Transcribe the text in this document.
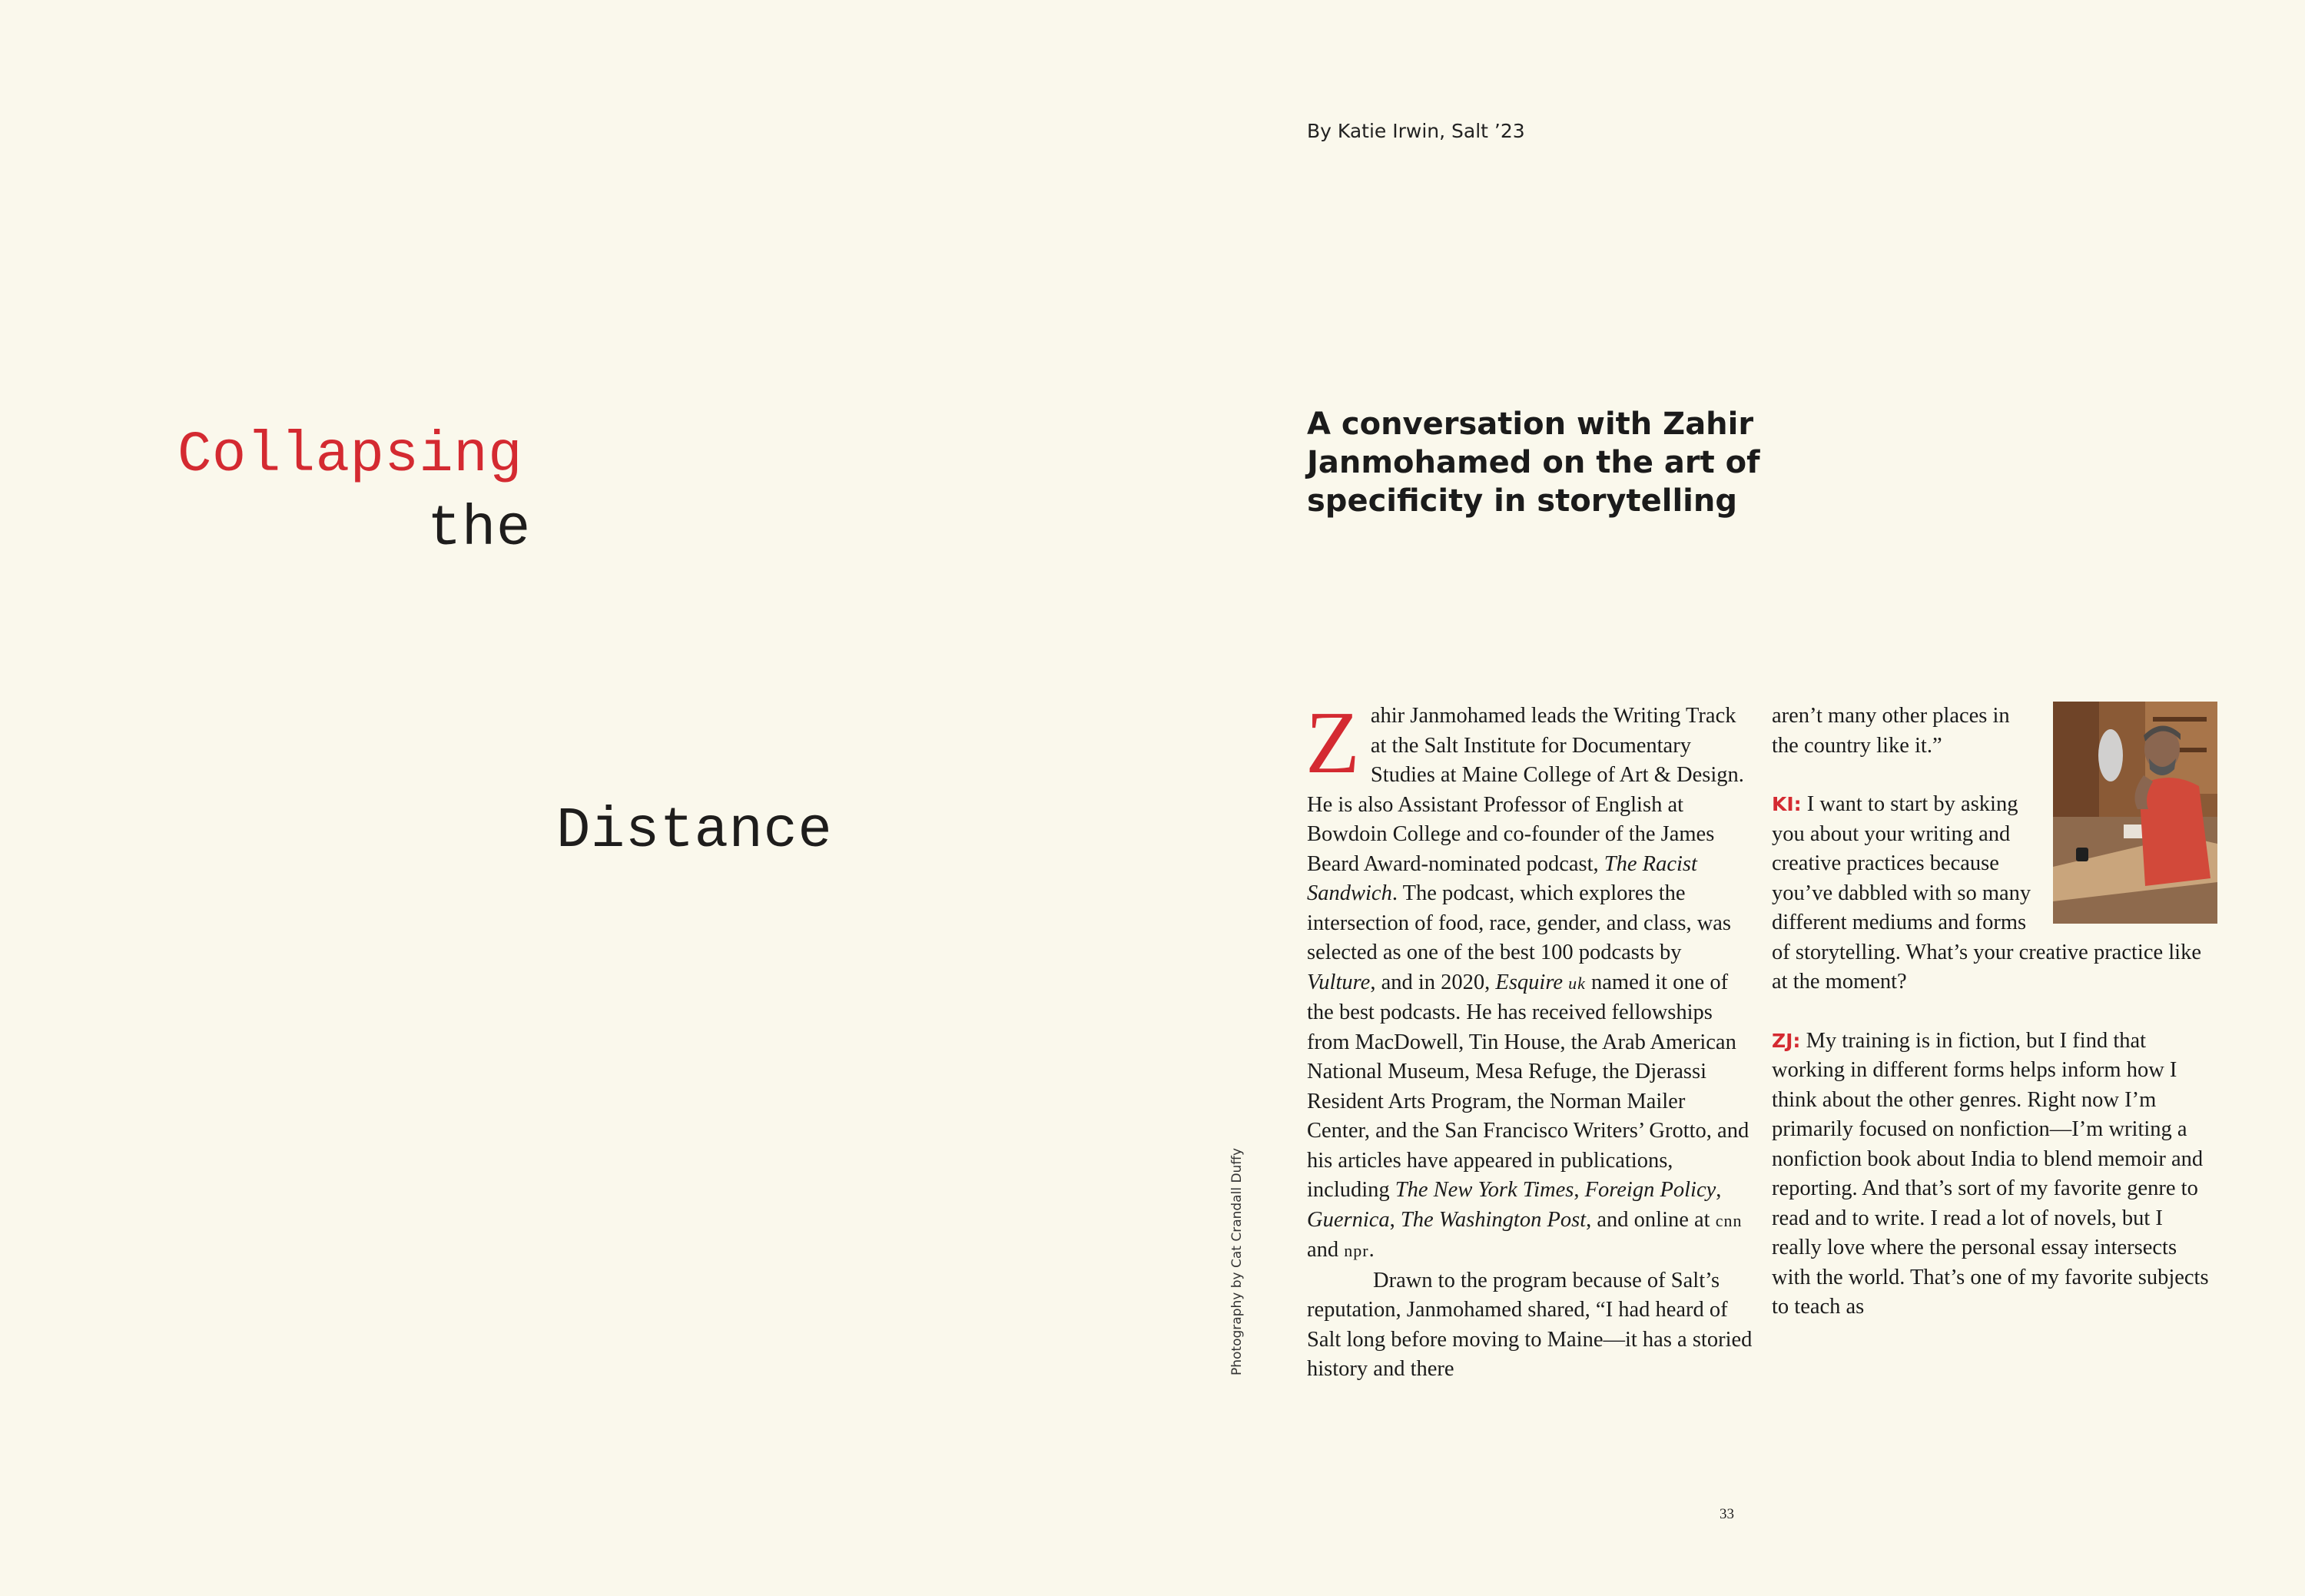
Collapsing
the
Distance
By Katie Irwin, Salt ’23
A conversation with Zahir Janmohamed on the art of specificity in storytelling
Photography by Cat Crandall Duffy

Zahir Janmohamed leads the Writing Track at the Salt Institute for Documentary Studies at Maine College of Art & Design. He is also Assistant Professor of English at Bowdoin College and co-founder of the James Beard Award-nominated podcast, The Racist Sandwich. The podcast, which explores the intersection of food, race, gender, and class, was selected as one of the best 100 podcasts by Vulture, and in 2020, Esquire uk named it one of the best podcasts. He has received fellowships from MacDowell, Tin House, the Arab American National Museum, Mesa Refuge, the Djerassi Resident Arts Program, the Norman Mailer Center, and the San Francisco Writers’ Grotto, and his articles have appeared in publications, including The New York Times, Foreign Policy, Guernica, The Washington Post, and online at cnn and npr.

Drawn to the program because of Salt’s reputation, Janmohamed shared, “I had heard of Salt long before moving to Maine—it has a storied history and there

aren’t many other places in the country like it.”

KI: I want to start by asking you about your writing and creative practices because you’ve dabbled with so many different mediums and forms of storytelling. What’s your creative practice like at the moment?

ZJ: My training is in fiction, but I find that working in different forms helps inform how I think about the other genres. Right now I’m primarily focused on nonfiction—I’m writing a nonfiction book about India to blend memoir and reporting. And that’s sort of my favorite genre to read and to write. I read a lot of novels, but I really love where the personal essay intersects with the world. That’s one of my favorite subjects to teach as

33
